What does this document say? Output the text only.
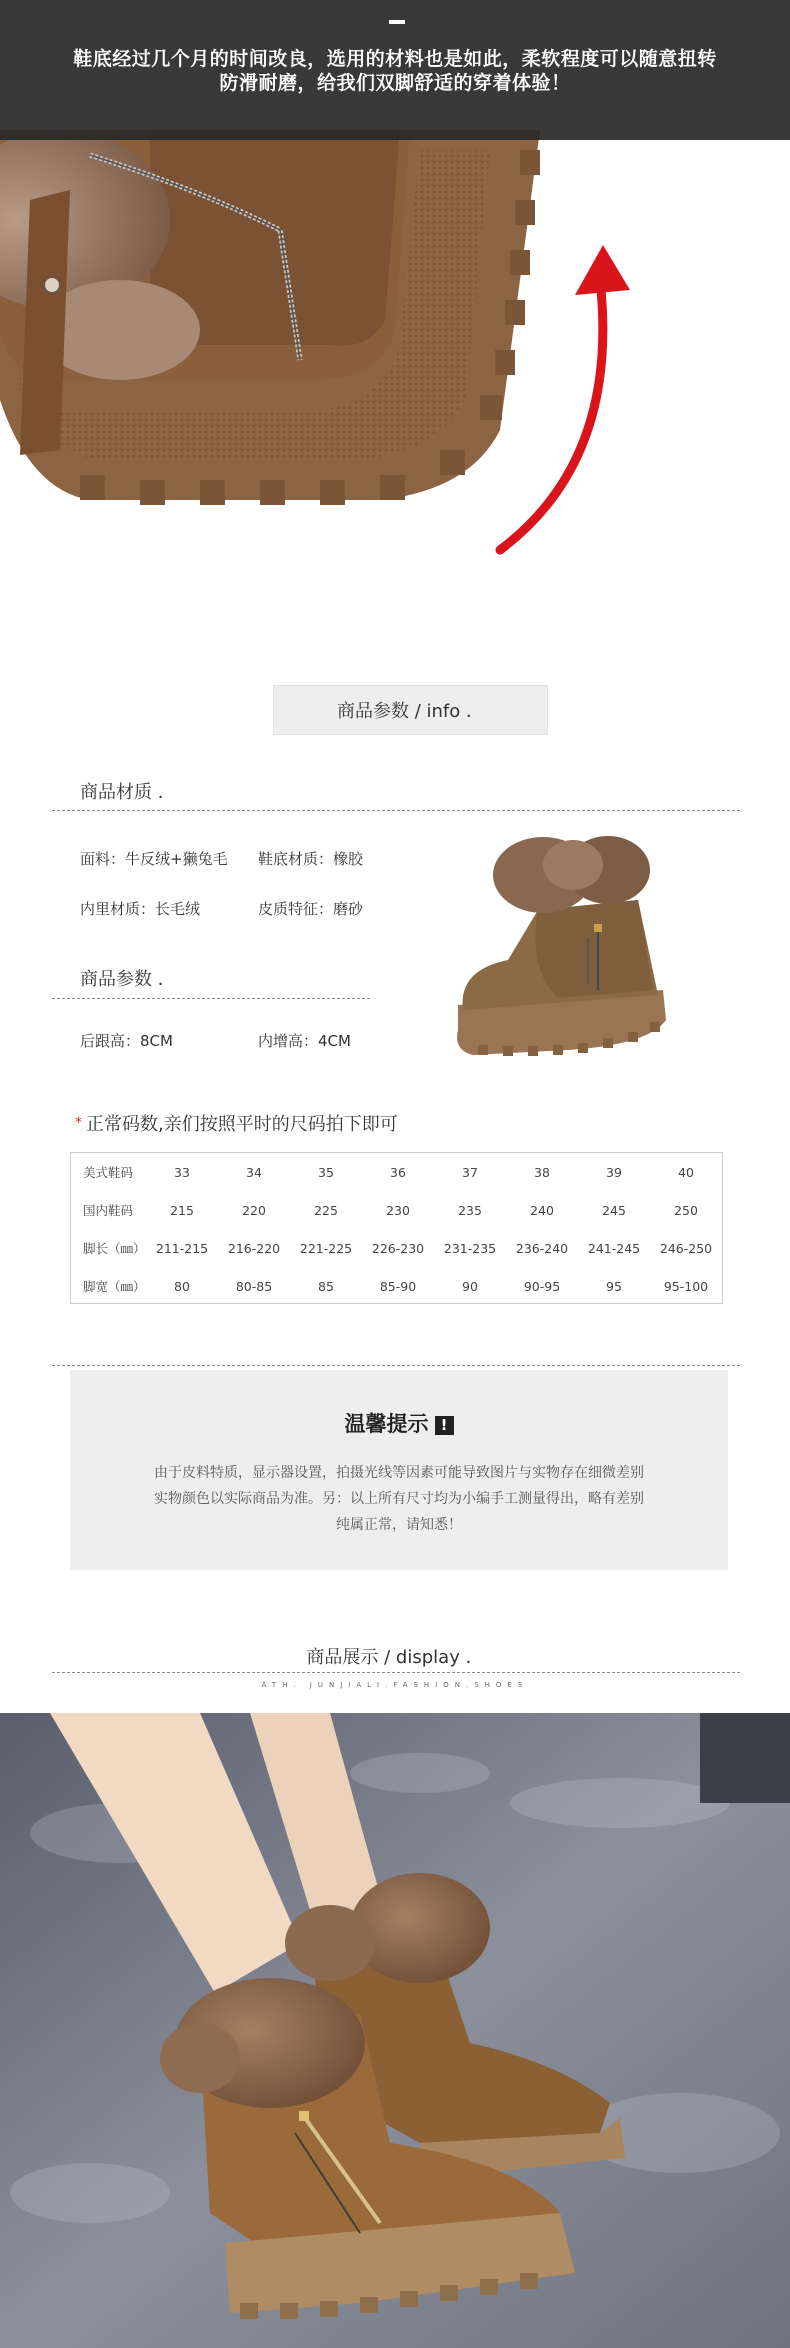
鞋底经过几个月的时间改良，选用的材料也是如此，柔软程度可以随意扭转
防滑耐磨，给我们双脚舒适的穿着体验！
商品参数 / info ．
商品材质 ．
面料：牛反绒+獭兔毛 鞋底材质：橡胶
内里材质：长毛绒	皮质特征：磨砂
商品参数 ．
后跟高：8CM	内增高：4CM
* 正常码数,亲们按照平时的尺码拍下即可
美式鞋码	33	34	35	36	37	38	39	40
国内鞋码	215	220	225	230	235	240	245	250
脚长（㎜） 211-215	216-220	221-225	226-230	231-235	236-240	241-245	246-250
脚宽（㎜）	80	80-85	85	85-90	90	90-95	95	95-100
温馨提示 !
由于皮料特质，显示器设置，拍摄光线等因素可能导致图片与实物存在细微差别
实物颜色以实际商品为准。另：以上所有尺寸均为小编手工测量得出，略有差别
纯属正常，请知悉！
商品展示 / display ．
ATH. JUNJIALI.FASHION.SHOES
